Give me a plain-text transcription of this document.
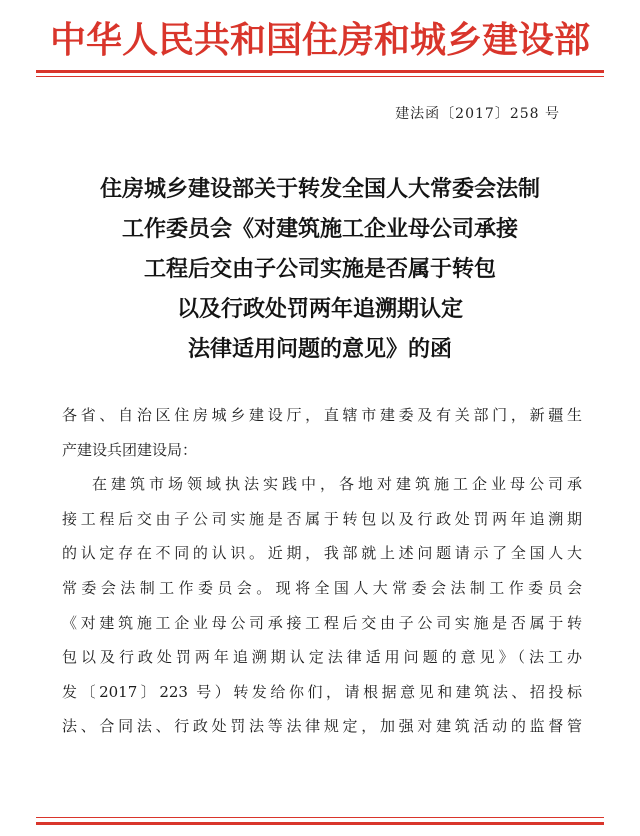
中华人民共和国住房和城乡建设部
建法函〔2017〕258 号
住房城乡建设部关于转发全国人大常委会法制
工作委员会《对建筑施工企业母公司承接
工程后交由子公司实施是否属于转包
以及行政处罚两年追溯期认定
法律适用问题的意见》的函
各省、自治区住房城乡建设厅，直辖市建委及有关部门，新疆生
产建设兵团建设局：
在建筑市场领域执法实践中，各地对建筑施工企业母公司承
接工程后交由子公司实施是否属于转包以及行政处罚两年追溯期
的认定存在不同的认识。近期，我部就上述问题请示了全国人大
常委会法制工作委员会。现将全国人大常委会法制工作委员会
《对建筑施工企业母公司承接工程后交由子公司实施是否属于转
包以及行政处罚两年追溯期认定法律适用问题的意见》（法工办
发〔2017〕223 号）转发给你们，请根据意见和建筑法、招投标
法、合同法、行政处罚法等法律规定，加强对建筑活动的监督管
